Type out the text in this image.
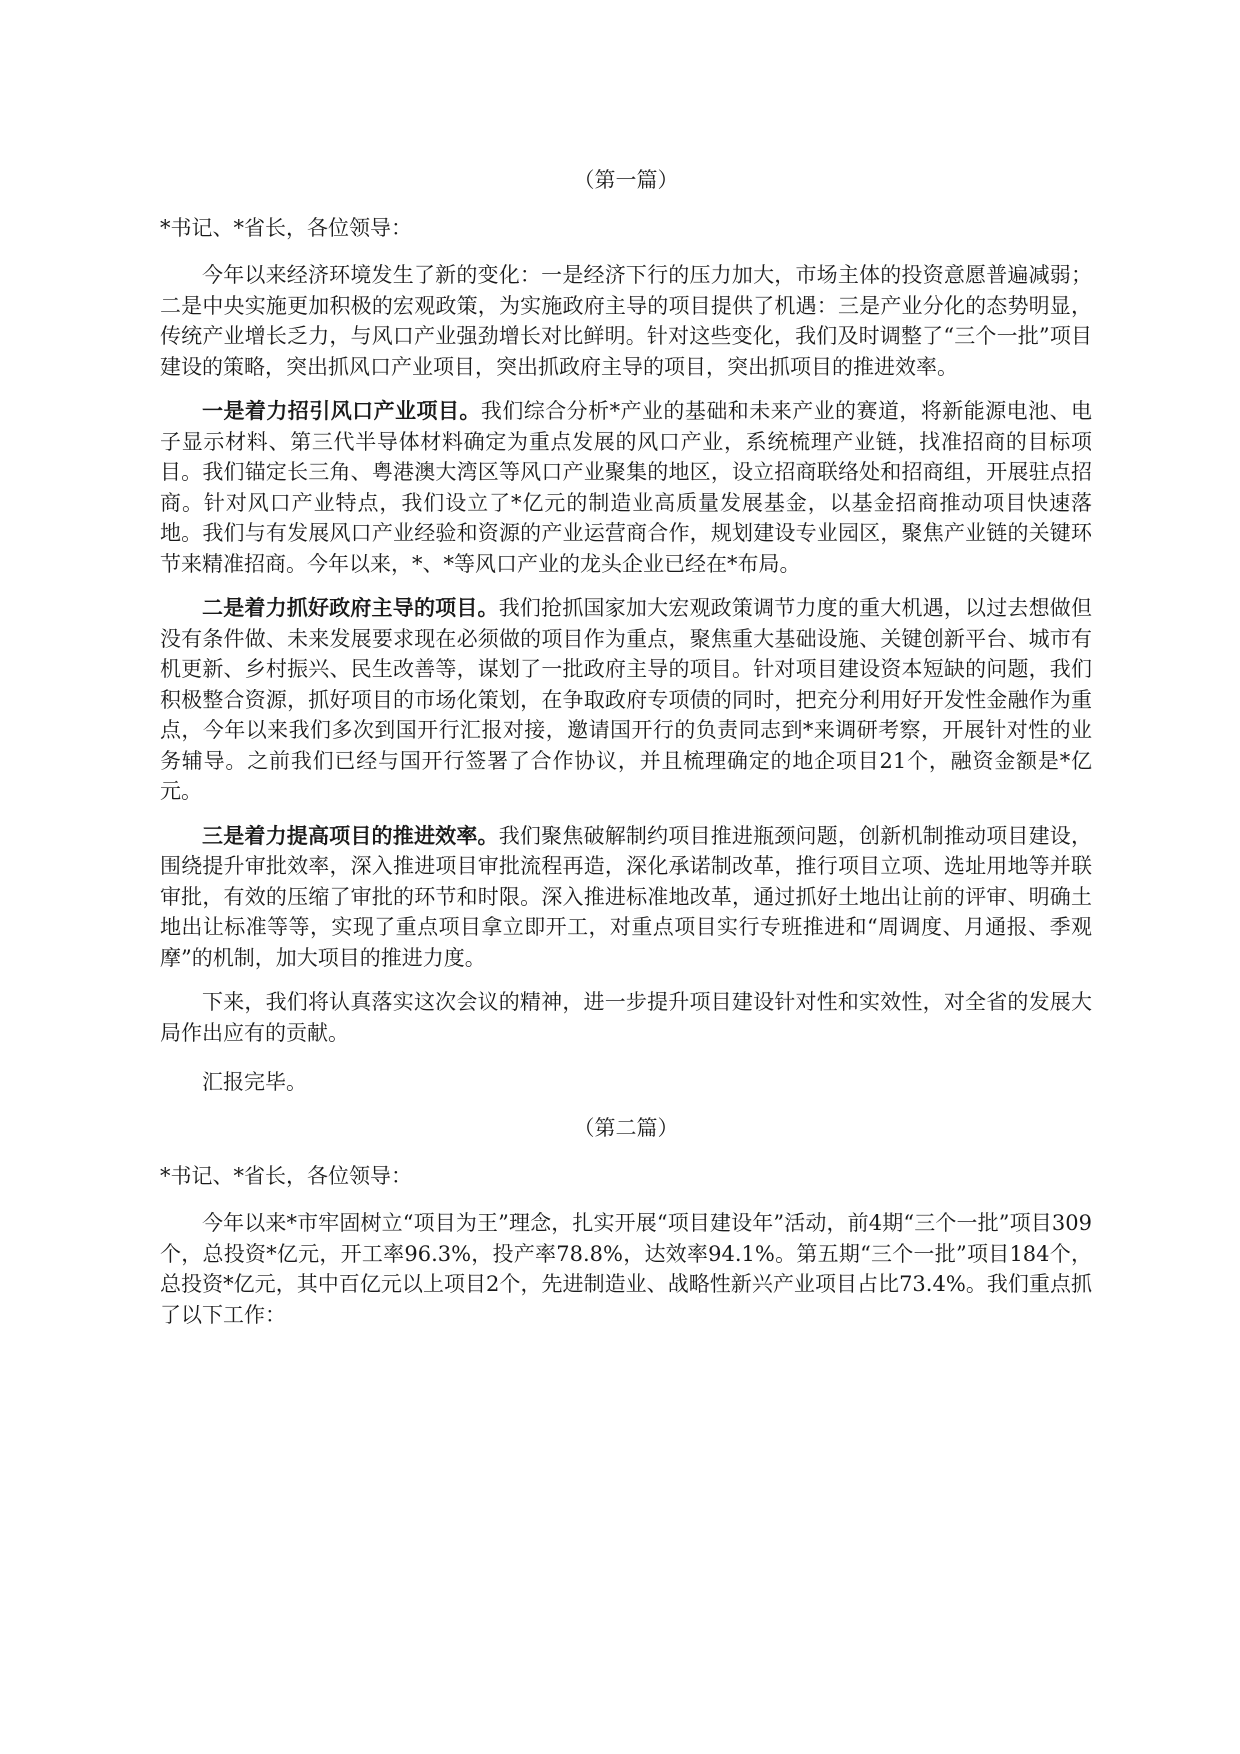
（第一篇）
*书记、*省长，各位领导：

今年以来经济环境发生了新的变化：一是经济下行的压力加大，市场主体的投资意愿普遍减弱；二是中央实施更加积极的宏观政策，为实施政府主导的项目提供了机遇：三是产业分化的态势明显，传统产业增长乏力，与风口产业强劲增长对比鲜明。针对这些变化，我们及时调整了“三个一批”项目建设的策略，突出抓风口产业项目，突出抓政府主导的项目，突出抓项目的推进效率。

一是着力招引风口产业项目。我们综合分析*产业的基础和未来产业的赛道，将新能源电池、电子显示材料、第三代半导体材料确定为重点发展的风口产业，系统梳理产业链，找准招商的目标项目。我们锚定长三角、粤港澳大湾区等风口产业聚集的地区，设立招商联络处和招商组，开展驻点招商。针对风口产业特点，我们设立了*亿元的制造业高质量发展基金，以基金招商推动项目快速落地。我们与有发展风口产业经验和资源的产业运营商合作，规划建设专业园区，聚焦产业链的关键环节来精准招商。今年以来，*、*等风口产业的龙头企业已经在*布局。

二是着力抓好政府主导的项目。我们抢抓国家加大宏观政策调节力度的重大机遇，以过去想做但没有条件做、未来发展要求现在必须做的项目作为重点，聚焦重大基础设施、关键创新平台、城市有机更新、乡村振兴、民生改善等，谋划了一批政府主导的项目。针对项目建设资本短缺的问题，我们积极整合资源，抓好项目的市场化策划，在争取政府专项债的同时，把充分利用好开发性金融作为重点，今年以来我们多次到国开行汇报对接，邀请国开行的负责同志到*来调研考察，开展针对性的业务辅导。之前我们已经与国开行签署了合作协议，并且梳理确定的地企项目21个，融资金额是*亿元。

三是着力提高项目的推进效率。我们聚焦破解制约项目推进瓶颈问题，创新机制推动项目建设，围绕提升审批效率，深入推进项目审批流程再造，深化承诺制改革，推行项目立项、选址用地等并联审批，有效的压缩了审批的环节和时限。深入推进标准地改革，通过抓好土地出让前的评审、明确土地出让标准等等，实现了重点项目拿立即开工，对重点项目实行专班推进和“周调度、月通报、季观摩”的机制，加大项目的推进力度。

下来，我们将认真落实这次会议的精神，进一步提升项目建设针对性和实效性，对全省的发展大局作出应有的贡献。

汇报完毕。
（第二篇）
*书记、*省长，各位领导：

今年以来*市牢固树立“项目为王”理念，扎实开展“项目建设年”活动，前4期“三个一批”项目309个，总投资*亿元，开工率96.3%，投产率78.8%，达效率94.1%。第五期“三个一批”项目184个，总投资*亿元，其中百亿元以上项目2个，先进制造业、战略性新兴产业项目占比73.4%。我们重点抓了以下工作：
